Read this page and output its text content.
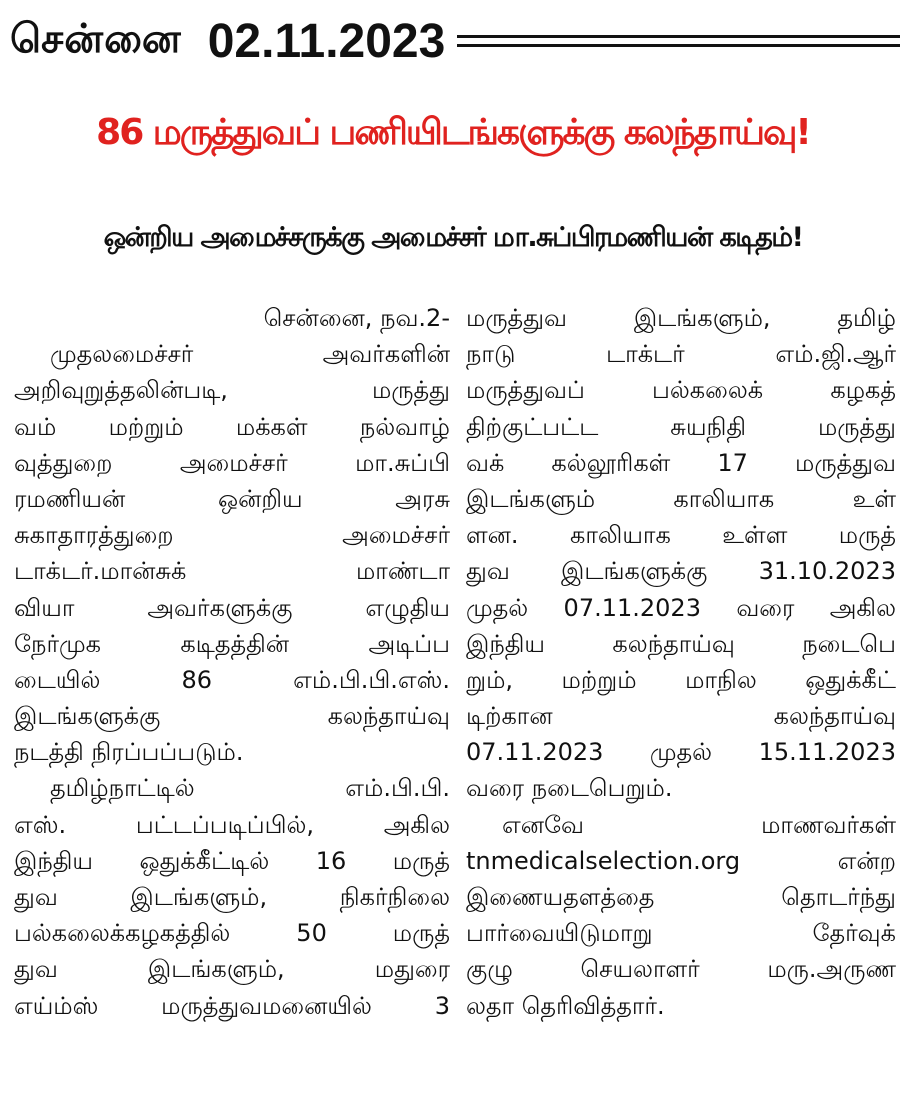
சென்னை 02.11.2023
86 மருத்துவப் பணியிடங்களுக்கு கலந்தாய்வு!
ஒன்றிய அமைச்சருக்கு அமைச்சர் மா.சுப்பிரமணியன் கடிதம்!
சென்னை, நவ.2-
முதலமைச்சர் அவர்களின்
அறிவுறுத்தலின்படி, மருத்து
வம் மற்றும் மக்கள் நல்வாழ்
வுத்துறை அமைச்சர் மா.சுப்பி
ரமணியன் ஒன்றிய அரசு
சுகாதாரத்துறை அமைச்சர்
டாக்டர்.மான்சுக் மாண்டா
வியா அவர்களுக்கு எழுதிய
நேர்முக கடிதத்தின் அடிப்ப
டையில் 86 எம்.பி.பி.எஸ்.
இடங்களுக்கு கலந்தாய்வு
நடத்தி நிரப்பப்படும்.
தமிழ்நாட்டில் எம்.பி.பி.
எஸ். பட்டப்படிப்பில், அகில
இந்திய ஒதுக்கீட்டில் 16 மருத்
துவ இடங்களும், நிகர்நிலை
பல்கலைக்கழகத்தில் 50 மருத்
துவ இடங்களும், மதுரை
எய்ம்ஸ் மருத்துவமனையில் 3
மருத்துவ இடங்களும், தமிழ்
நாடு டாக்டர் எம்.ஜி.ஆர்
மருத்துவப் பல்கலைக் கழகத்
திற்குட்பட்ட சுயநிதி மருத்து
வக் கல்லூரிகள் 17 மருத்துவ
இடங்களும் காலியாக உள்
ளன. காலியாக உள்ள மருத்
துவ இடங்களுக்கு 31.10.2023
முதல் 07.11.2023 வரை அகில
இந்திய கலந்தாய்வு நடைபெ
றும், மற்றும் மாநில ஒதுக்கீட்
டிற்கான கலந்தாய்வு
07.11.2023 முதல் 15.11.2023
வரை நடைபெறும்.
எனவே மாணவர்கள்
tnmedicalselection.org என்ற
இணையதளத்தை தொடர்ந்து
பார்வையிடுமாறு தேர்வுக்
குழு செயலாளர் மரு.அருண
லதா தெரிவித்தார்.
